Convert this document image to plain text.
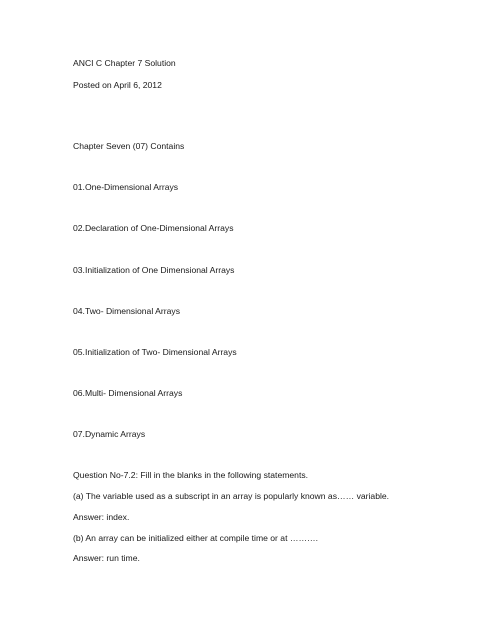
ANCI C Chapter 7 Solution
Posted on April 6, 2012
Chapter Seven (07) Contains
01.One-Dimensional Arrays
02.Declaration of One-Dimensional Arrays
03.Initialization of One Dimensional Arrays
04.Two- Dimensional Arrays
05.Initialization of Two- Dimensional Arrays
06.Multi- Dimensional Arrays
07.Dynamic Arrays
Question No-7.2: Fill in the blanks in the following statements.
(a) The variable used as a subscript in an array is popularly known as…… variable.
Answer: index.
(b) An array can be initialized either at compile time or at ……….
Answer: run time.
